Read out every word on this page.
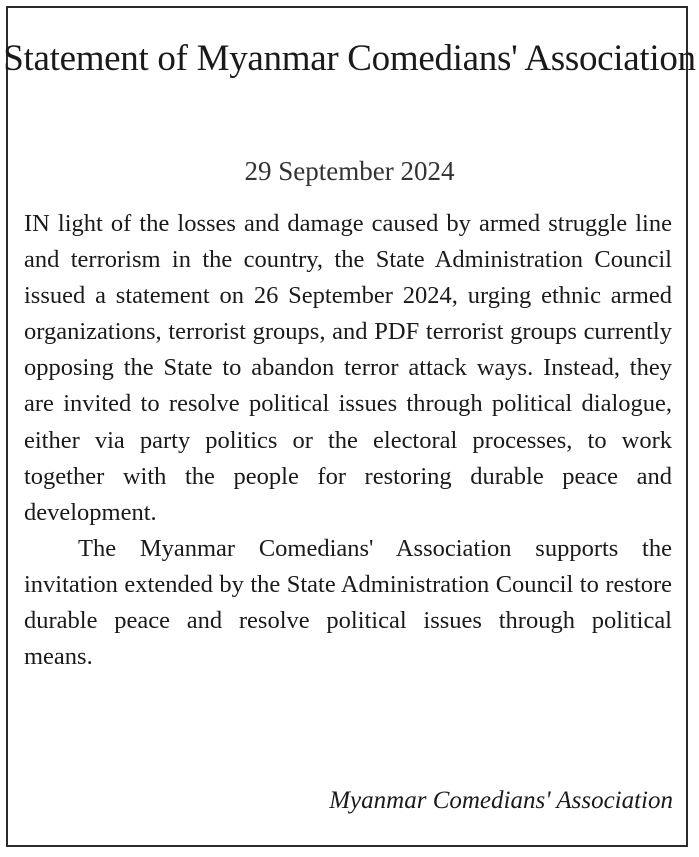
Statement of Myanmar Comedians' Association
29 September 2024

IN light of the losses and damage caused by armed struggle line and terrorism in the country, the State Administration Council issued a statement on 26 September 2024, urging ethnic armed organizations, terrorist groups, and PDF terrorist groups currently opposing the State to abandon terror attack ways. Instead, they are invited to resolve political issues through political dialogue, either via party politics or the electoral processes, to work together with the people for restoring durable peace and development.

The Myanmar Comedians' Association supports the invitation extended by the State Administration Council to restore durable peace and resolve political issues through political means.

Myanmar Comedians' Association
